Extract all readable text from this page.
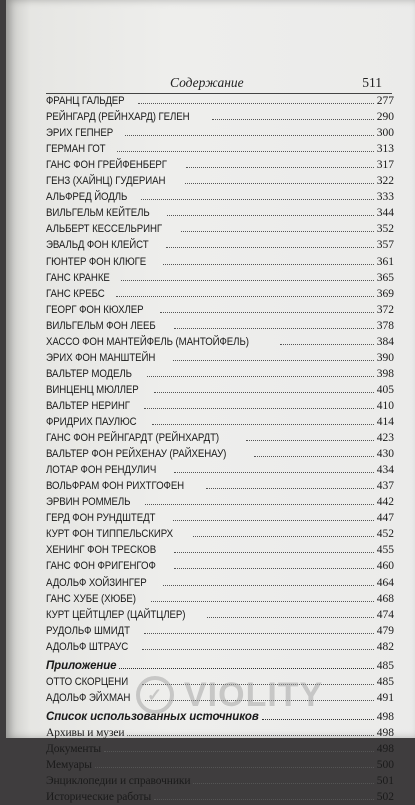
Содержание	511
ФРАНЦ ГАЛЬДЕР	277
РЕЙНГАРД (РЕЙНХАРД) ГЕЛЕН	290
ЭРИХ ГЕПНЕР	300
ГЕРМАН ГОТ	313
ГАНС ФОН ГРЕЙФЕНБЕРГ	317
ГЕНЗ (ХАЙНЦ) ГУДЕРИАН	322
АЛЬФРЕД ЙОДЛЬ	333
ВИЛЬГЕЛЬМ КЕЙТЕЛЬ	344
АЛЬБЕРТ КЕССЕЛЬРИНГ	352
ЭВАЛЬД ФОН КЛЕЙСТ	357
ГЮНТЕР ФОН КЛЮГЕ	361
ГАНС КРАНКЕ	365
ГАНС КРЕБС	369
ГЕОРГ ФОН КЮХЛЕР	372
ВИЛЬГЕЛЬМ ФОН ЛЕЕБ	378
ХАССО ФОН МАНТЕЙФЕЛЬ (МАНТОЙФЕЛЬ)	384
ЭРИХ ФОН МАНШТЕЙН	390
ВАЛЬТЕР МОДЕЛЬ	398
ВИНЦЕНЦ МЮЛЛЕР	405
ВАЛЬТЕР НЕРИНГ	410
ФРИДРИХ ПАУЛЮС	414
ГАНС ФОН РЕЙНГАРДТ (РЕЙНХАРДТ)	423
ВАЛЬТЕР ФОН РЕЙХЕНАУ (РАЙХЕНАУ)	430
ЛОТАР ФОН РЕНДУЛИЧ	434
ВОЛЬФРАМ ФОН РИХТГОФЕН	437
ЭРВИН РОММЕЛЬ	442
ГЕРД ФОН РУНДШТЕДТ	447
КУРТ ФОН ТИППЕЛЬСКИРХ	452
ХЕНИНГ ФОН ТРЕСКОВ	455
ГАНС ФОН ФРИГЕНГОФ	460
АДОЛЬФ ХОЙЗИНГЕР	464
ГАНС ХУБЕ (ХЮБЕ)	468
КУРТ ЦЕЙТЦЛЕР (ЦАЙТЦЛЕР)	474
РУДОЛЬФ ШМИДТ	479
АДОЛЬФ ШТРАУС	482
Приложение	485
ОТТО СКОРЦЕНИ	485
АДОЛЬФ ЭЙХМАН	491
Список использованных источников	498
Архивы и музеи	498
Документы	498
Мемуары	500
Энциклопедии и справочники	501
Исторические работы	502
✓ VIOLITY
